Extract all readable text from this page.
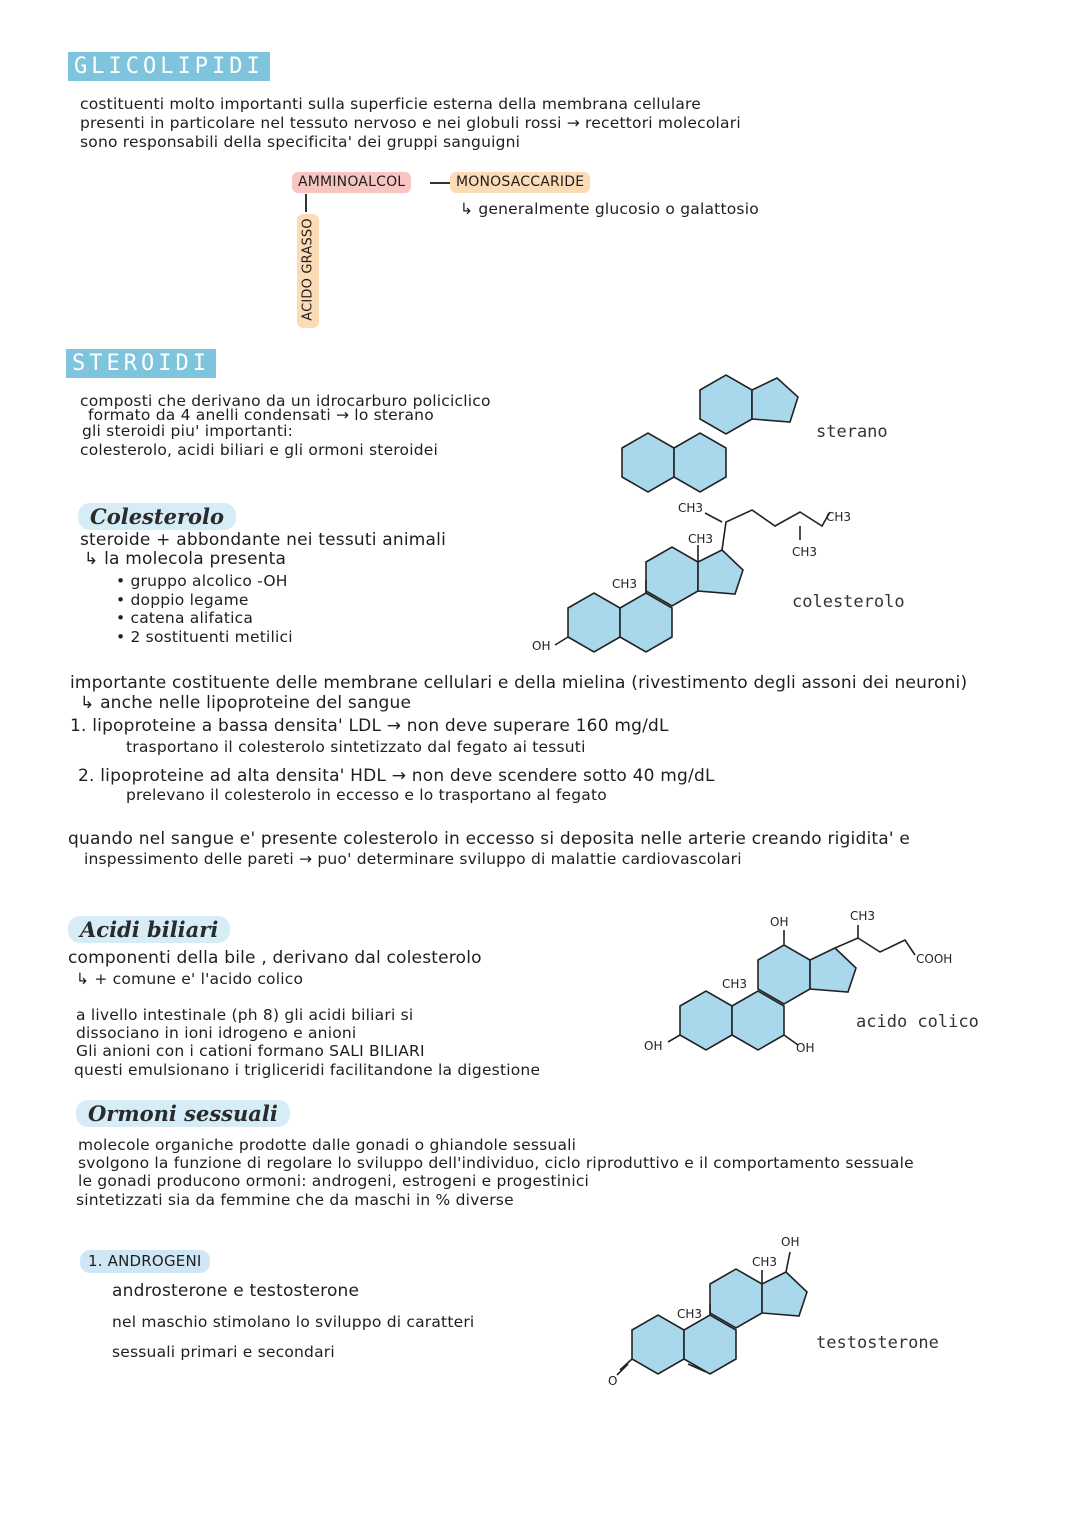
GLICOLIPIDI
costituenti molto importanti sulla superficie esterna della membrana cellulare
presenti in particolare nel tessuto nervoso e nei globuli rossi → recettori molecolari
sono responsabili della specificita' dei gruppi sanguigni
AMMINOALCOL	MONOSACCARIDE
↳ generalmente glucosio o galattosio
ACIDO GRASSO
STEROIDI
composti che derivano da un idrocarburo policiclico
formato da 4 anelli condensati → lo sterano
gli steroidi piu' importanti:
colesterolo, acidi biliari e gli ormoni steroidei
Colesterolo
steroide + abbondante nei tessuti animali
↳ la molecola presenta
• gruppo alcolico -OH
• doppio legame
• catena alifatica
• 2 sostituenti metilici
importante costituente delle membrane cellulari e della mielina (rivestimento degli assoni dei neuroni)
↳ anche nelle lipoproteine del sangue
1. lipoproteine a bassa densita' LDL → non deve superare 160 mg/dL
trasportano il colesterolo sintetizzato dal fegato ai tessuti
2. lipoproteine ad alta densita' HDL → non deve scendere sotto 40 mg/dL
prelevano il colesterolo in eccesso e lo trasportano al fegato
quando nel sangue e' presente colesterolo in eccesso si deposita nelle arterie creando rigidita' e
inspessimento delle pareti → puo' determinare sviluppo di malattie cardiovascolari
Acidi biliari
componenti della bile , derivano dal colesterolo
↳ + comune e' l'acido colico
a livello intestinale (ph 8) gli acidi biliari si
dissociano in ioni idrogeno e anioni
Gli anioni con i cationi formano SALI BILIARI
questi emulsionano i trigliceridi facilitandone la digestione
Ormoni sessuali
molecole organiche prodotte dalle gonadi o ghiandole sessuali
svolgono la funzione di regolare lo sviluppo dell'individuo, ciclo riproduttivo e il comportamento sessuale
le gonadi producono ormoni: androgeni, estrogeni e progestinici
sintetizzati sia da femmine che da maschi in % diverse
1. ANDROGENI
androsterone e testosterone
nel maschio stimolano lo sviluppo di caratteri
sessuali primari e secondari
sterano
CH3
CH3
CH3
CH3
CH3
OH
colesterolo
OH	CH3
COOH
CH3
OH	OH
acido colico
OH
CH3
CH3
O
testosterone
